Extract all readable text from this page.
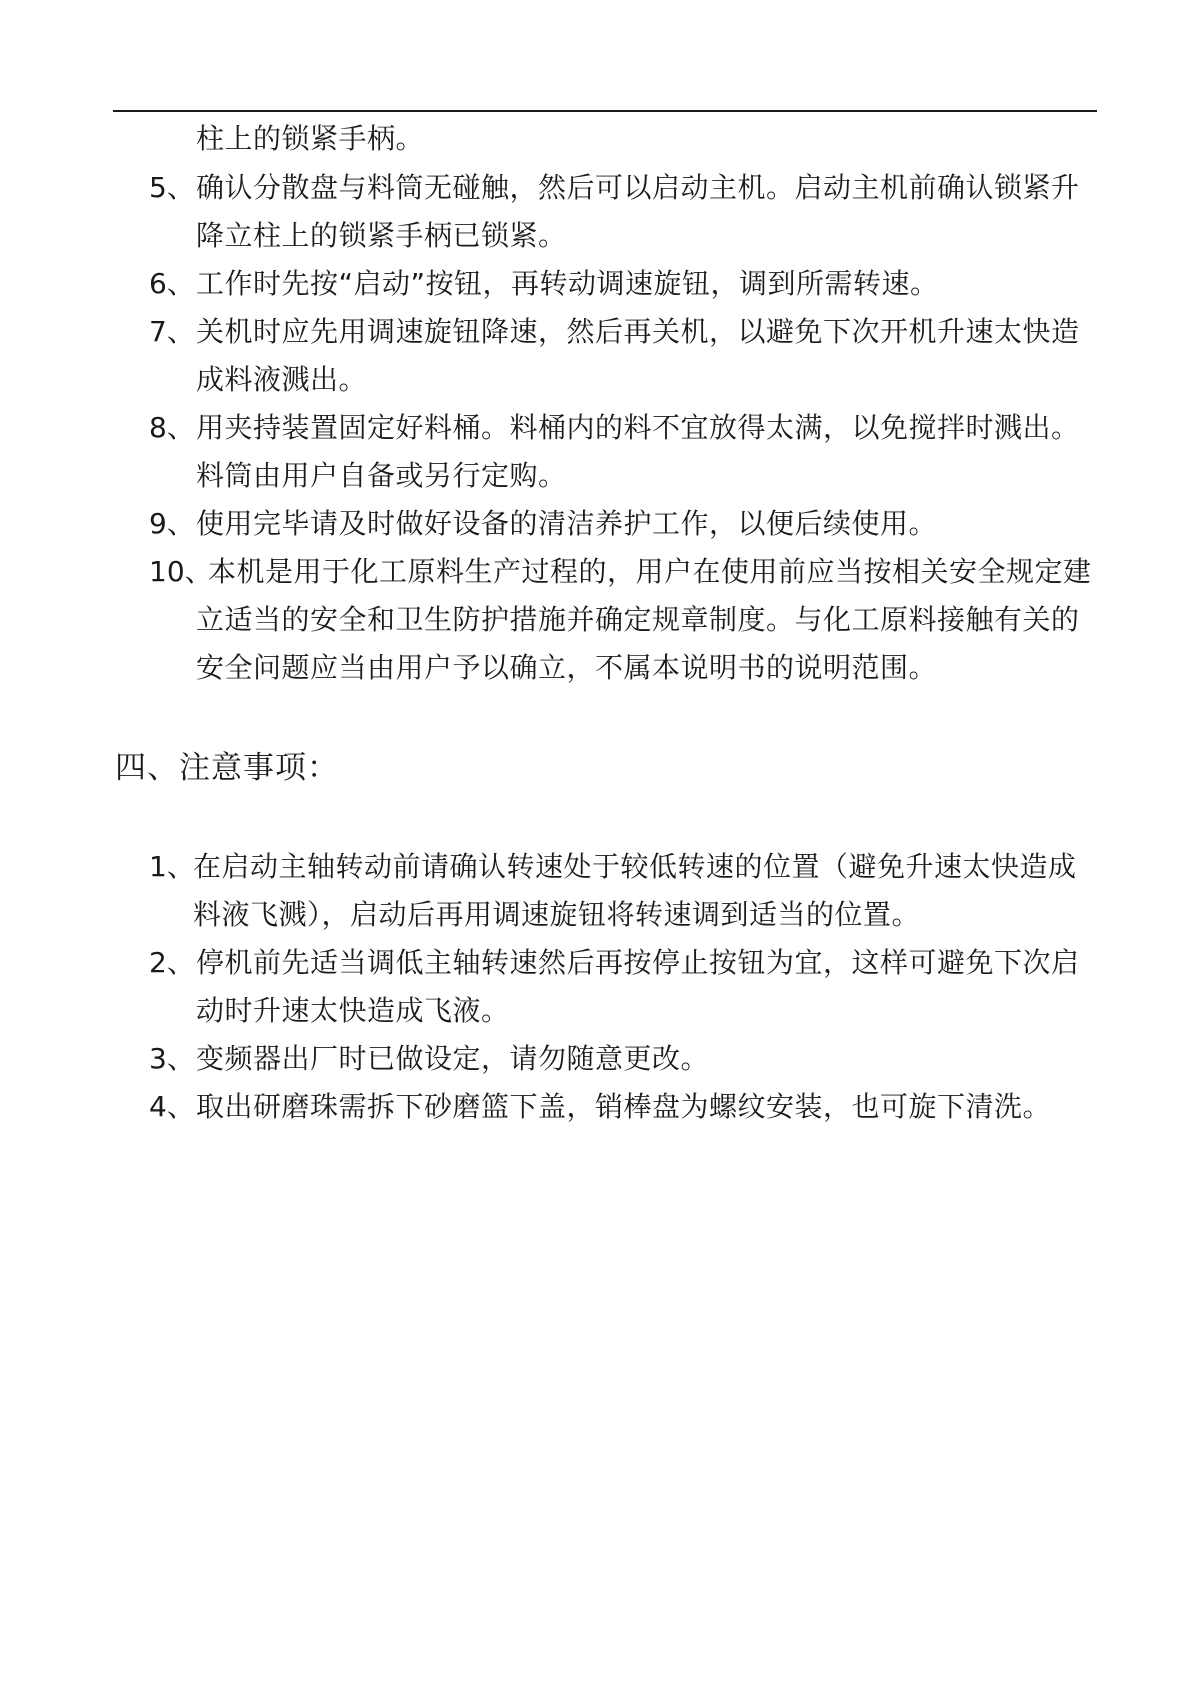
柱上的锁紧手柄。
5、 确认分散盘与料筒无碰触，然后可以启动主机。启动主机前确认锁紧升
降立柱上的锁紧手柄已锁紧。
6、 工作时先按“启动”按钮，再转动调速旋钮，调到所需转速。
7、 关机时应先用调速旋钮降速，然后再关机，以避免下次开机升速太快造
成料液溅出。
8、 用夹持装置固定好料桶。料桶内的料不宜放得太满，以免搅拌时溅出。
料筒由用户自备或另行定购。
9、 使用完毕请及时做好设备的清洁养护工作，以便后续使用。
10、
本机是用于化工原料生产过程的，用户在使用前应当按相关安全规定建
立适当的安全和卫生防护措施并确定规章制度。与化工原料接触有关的
安全问题应当由用户予以确立，不属本说明书的说明范围。
四、注意事项：
1、
在启动主轴转动前请确认转速处于较低转速的位置（避免升速太快造成
料液飞溅），启动后再用调速旋钮将转速调到适当的位置。
2、 停机前先适当调低主轴转速然后再按停止按钮为宜，这样可避免下次启
动时升速太快造成飞液。
3、 变频器出厂时已做设定，请勿随意更改。
4、 取出研磨珠需拆下砂磨篮下盖，销棒盘为螺纹安装，也可旋下清洗。
